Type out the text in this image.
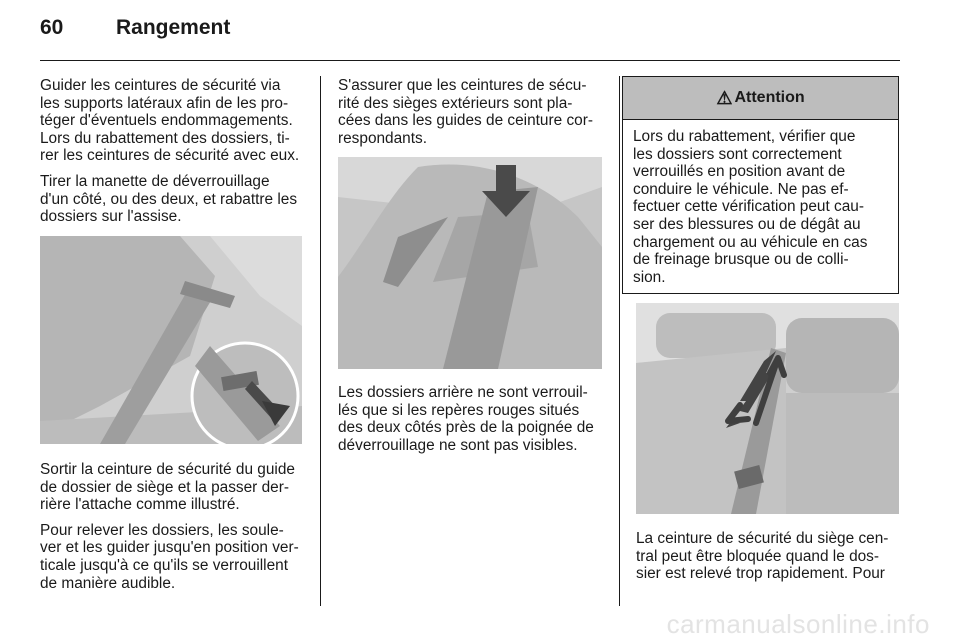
60	Rangement

Guider les ceintures de sécurité via
les supports latéraux afin de les pro-
téger d'éventuels endommagements.
Lors du rabattement des dossiers, ti-
rer les ceintures de sécurité avec eux.

Tirer la manette de déverrouillage
d'un côté, ou des deux, et rabattre les
dossiers sur l'assise.

Sortir la ceinture de sécurité du guide
de dossier de siège et la passer der-
rière l'attache comme illustré.

Pour relever les dossiers, les soule-
ver et les guider jusqu'en position ver-
ticale jusqu'à ce qu'ils se verrouillent
de manière audible.

S'assurer que les ceintures de sécu-
rité des sièges extérieurs sont pla-
cées dans les guides de ceinture cor-
respondants.

Les dossiers arrière ne sont verrouil-
lés que si les repères rouges situés
des deux côtés près de la poignée de
déverrouillage ne sont pas visibles.

⚠ Attention
Lors du rabattement, vérifier que
les dossiers sont correctement
verrouillés en position avant de
conduire le véhicule. Ne pas ef-
fectuer cette vérification peut cau-
ser des blessures ou de dégât au
chargement ou au véhicule en cas
de freinage brusque ou de colli-
sion.

La ceinture de sécurité du siège cen-
tral peut être bloquée quand le dos-
sier est relevé trop rapidement. Pour

carmanualsonline.info
